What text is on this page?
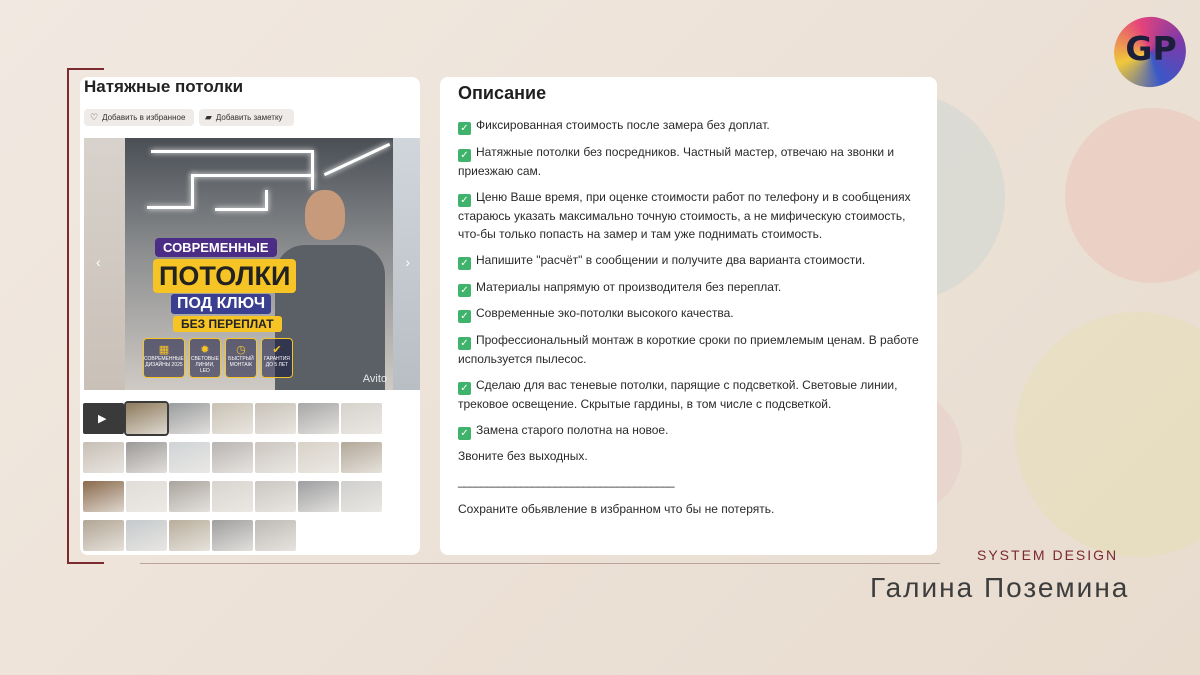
Натяжные потолки
♡ Добавить в избранное ▰ Добавить заметку
СОВРЕМЕННЫЕ
ПОТОЛКИ
ПОД КЛЮЧ
БЕЗ ПЕРЕПЛАТ
▦
СОВРЕМЕННЫЕ ДИЗАЙНЫ 2025
✹
СВЕТОВЫЕ ЛИНИИ, LED
◷
БЫСТРЫЙ МОНТАЖ
✔
ГАРАНТИЯ ДО 5 ЛЕТ
Avito
‹	›
▶
Описание
✓ Фиксированная стоимость после замера без доплат.
✓ Натяжные потолки без посредников. Частный мастер, отвечаю на звонки и приезжаю сам.
✓ Ценю Ваше время, при оценке стоимости работ по телефону и в сообщениях стараюсь указать максимально точную стоимость, а не мифическую стоимость, что-бы только попасть на замер и там уже поднимать стоимость.
✓ Напишите "расчёт" в сообщении и получите два варианта стоимости.
✓ Материалы напрямую от производителя без переплат.
✓ Современные эко-потолки высокого качества.
✓ Профессиональный монтаж в короткие сроки по приемлемым ценам. В работе используется пылесос.
✓ Сделаю для вас теневые потолки, парящие с подсветкой. Световые линии, трековое освещение. Скрытые гардины, в том числе с подсветкой.
✓ Замена старого полотна на новое.
Звоните без выходных.
______________________________________
Сохраните обьявление в избранном что бы не потерять.
GP
SYSTEM DESIGN
Галина Поземина
